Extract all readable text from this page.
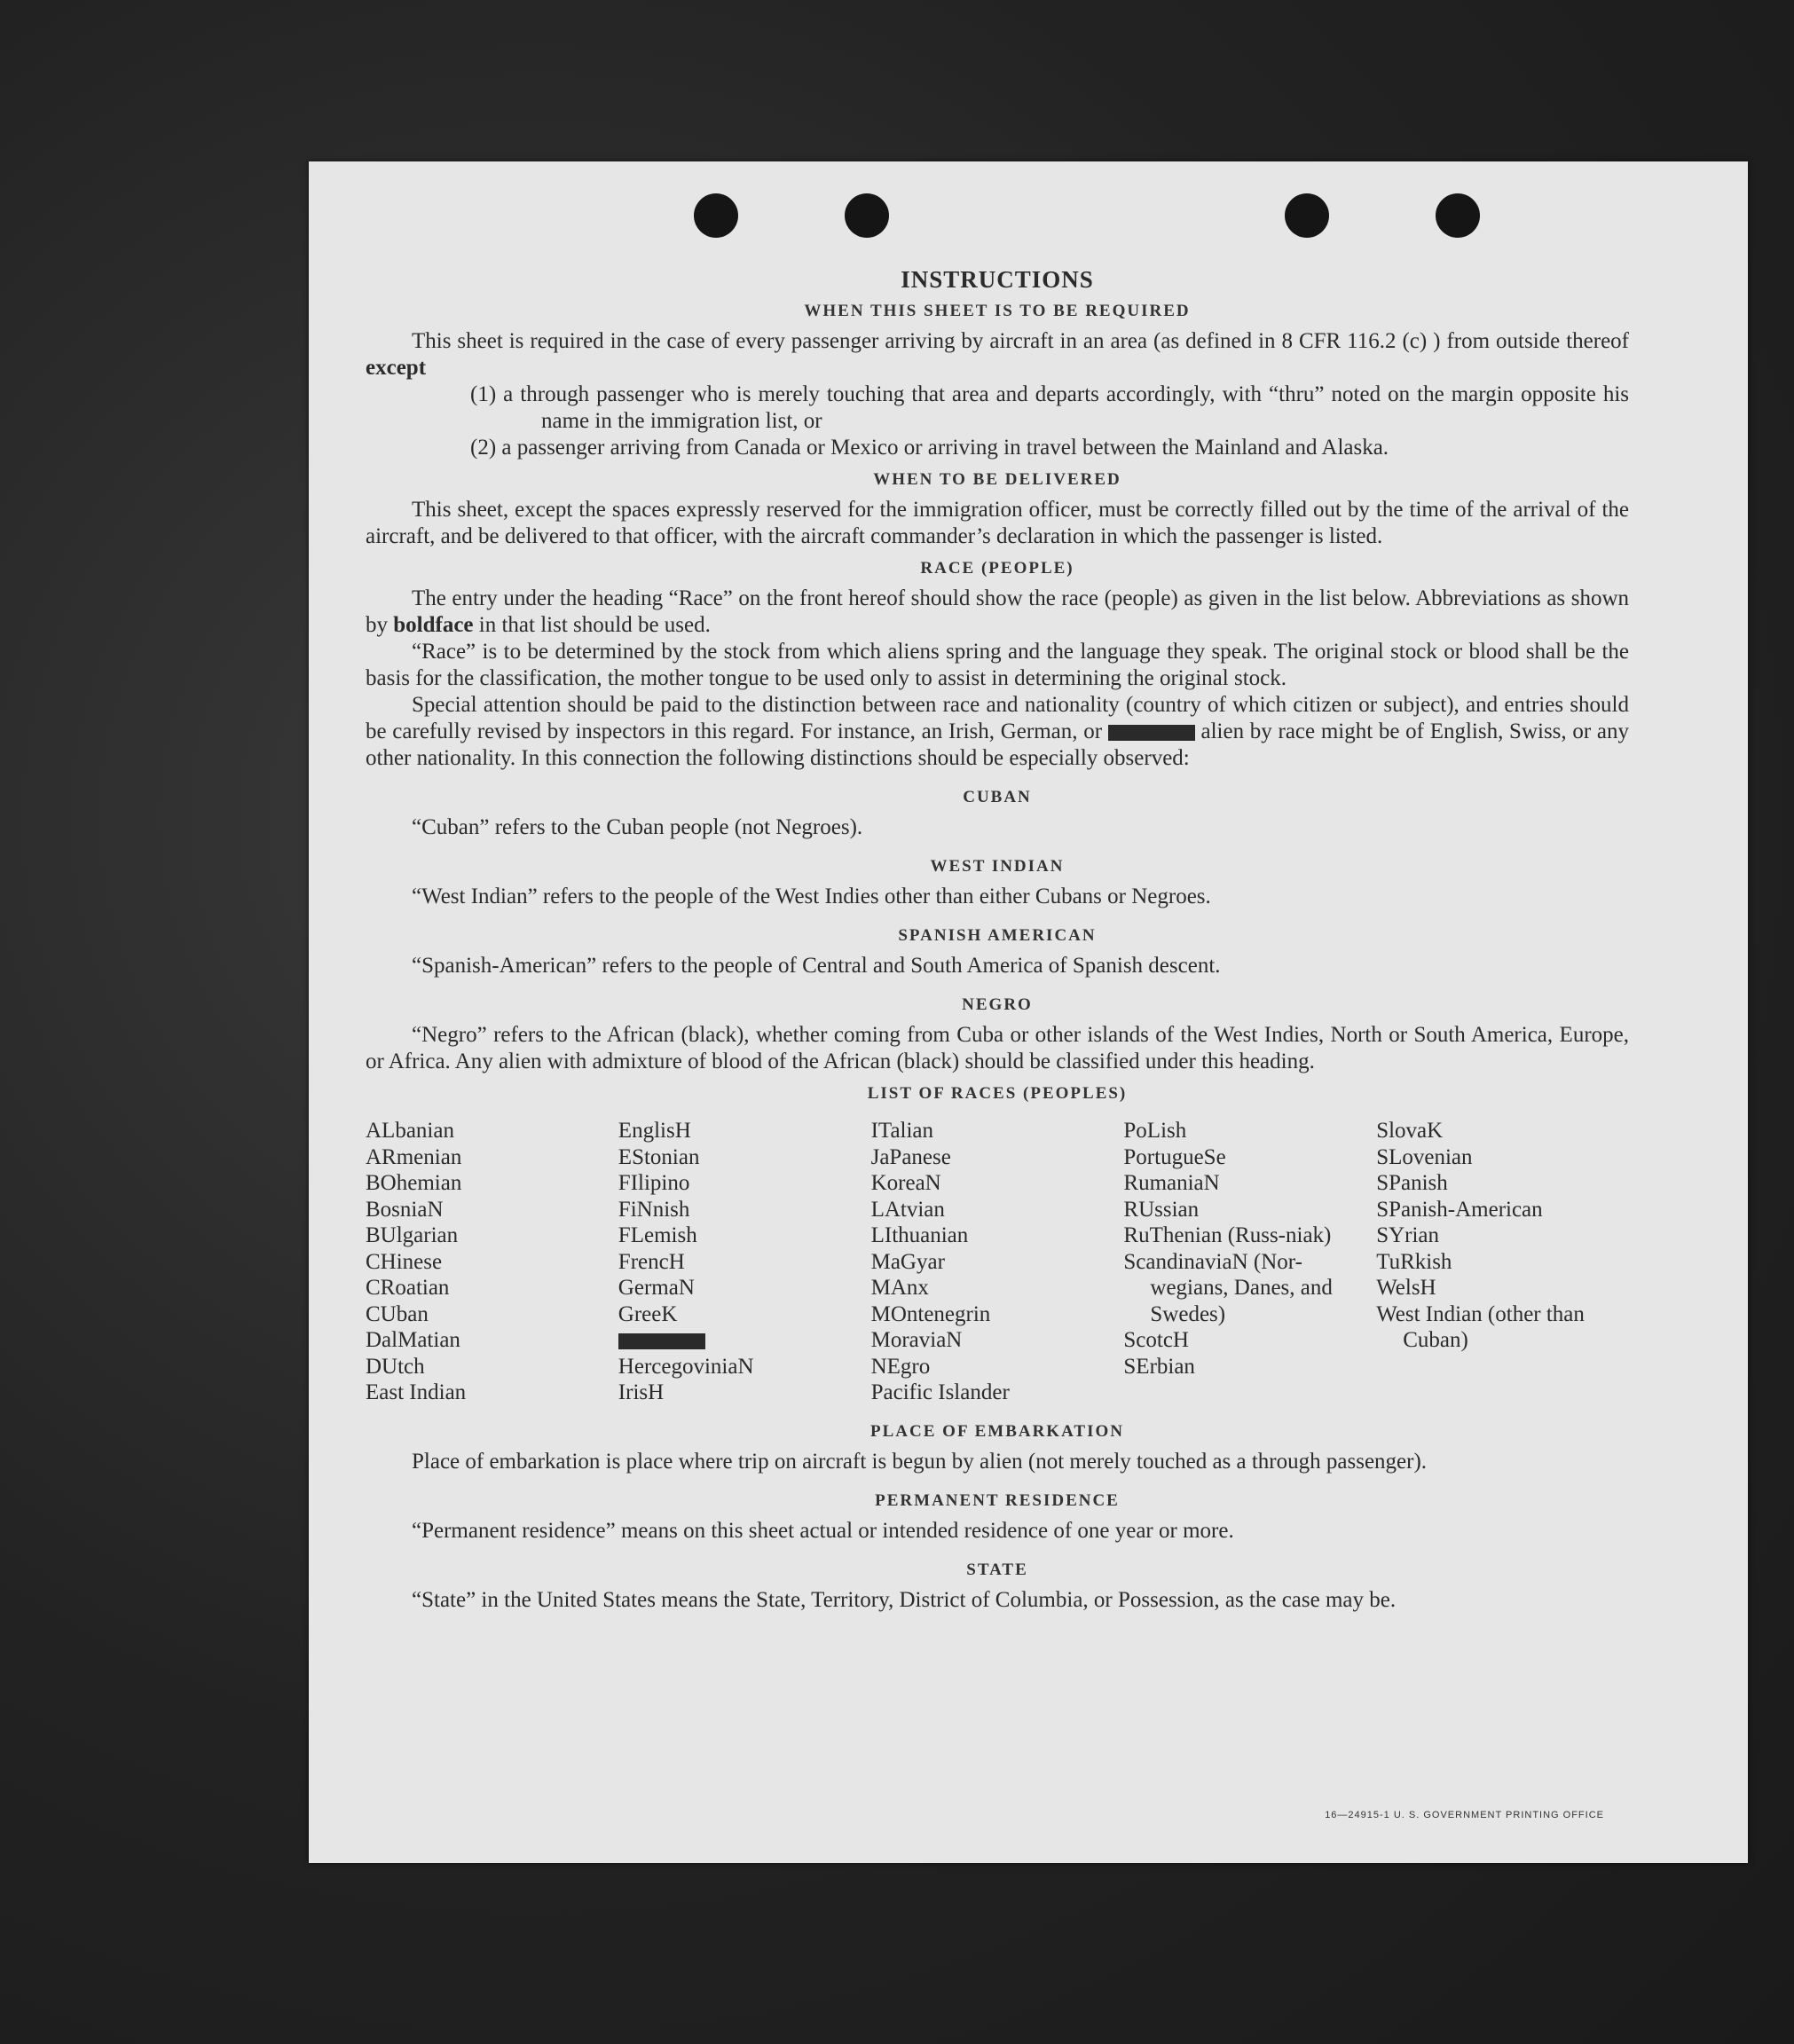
INSTRUCTIONS
WHEN THIS SHEET IS TO BE REQUIRED

This sheet is required in the case of every passenger arriving by aircraft in an area (as defined in 8 CFR 116.2 (c) ) from outside thereof except

(1) a through passenger who is merely touching that area and departs accordingly, with “thru” noted on the margin opposite his name in the immigration list, or

(2) a passenger arriving from Canada or Mexico or arriving in travel between the Mainland and Alaska.

WHEN TO BE DELIVERED

This sheet, except the spaces expressly reserved for the immigration officer, must be correctly filled out by the time of the arrival of the aircraft, and be delivered to that officer, with the aircraft commander’s declaration in which the passenger is listed.

RACE (PEOPLE)

The entry under the heading “Race” on the front hereof should show the race (people) as given in the list below. Abbreviations as shown by boldface in that list should be used.

“Race” is to be determined by the stock from which aliens spring and the language they speak. The original stock or blood shall be the basis for the classification, the mother tongue to be used only to assist in determining the original stock.

Special attention should be paid to the distinction between race and nationality (country of which citizen or subject), and entries should be carefully revised by inspectors in this regard. For instance, an Irish, German, or	alien by race might be of English, Swiss, or any other nationality. In this connection the following distinctions should be especially observed:

CUBAN

“Cuban” refers to the Cuban people (not Negroes).

WEST INDIAN

“West Indian” refers to the people of the West Indies other than either Cubans or Negroes.

SPANISH AMERICAN

“Spanish-American” refers to the people of Central and South America of Spanish descent.

NEGRO

“Negro” refers to the African (black), whether coming from Cuba or other islands of the West Indies, North or South America, Europe, or Africa. Any alien with admixture of blood of the African (black) should be classified under this heading.

LIST OF RACES (PEOPLES)
ALbanian
ARmenian
BOhemian
BosniaN
BUlgarian
CHinese
CRoatian
CUban
DalMatian
DUtch
East Indian
EnglisH
EStonian
FIlipino
FiNnish
FLemish
FrencH
GermaN
GreeK
HercegoviniaN
IrisH
ITalian
JaPanese
KoreaN
LAtvian
LIthuanian
MaGyar
MAnx
MOntenegrin
MoraviaN
NEgro
Pacific Islander
PoLish
PortugueSe
RumaniaN
RUssian
RuThenian (Russ-niak)
ScandinaviaN (Nor-wegians, Danes, and Swedes)
ScotcH
SErbian
SlovaK
SLovenian
SPanish
SPanish-American
SYrian
TuRkish
WelsH
West Indian (other than Cuban)
PLACE OF EMBARKATION

Place of embarkation is place where trip on aircraft is begun by alien (not merely touched as a through passenger).

PERMANENT RESIDENCE

“Permanent residence” means on this sheet actual or intended residence of one year or more.

STATE

“State” in the United States means the State, Territory, District of Columbia, or Possession, as the case may be.

16—24915-1 U. S. GOVERNMENT PRINTING OFFICE
